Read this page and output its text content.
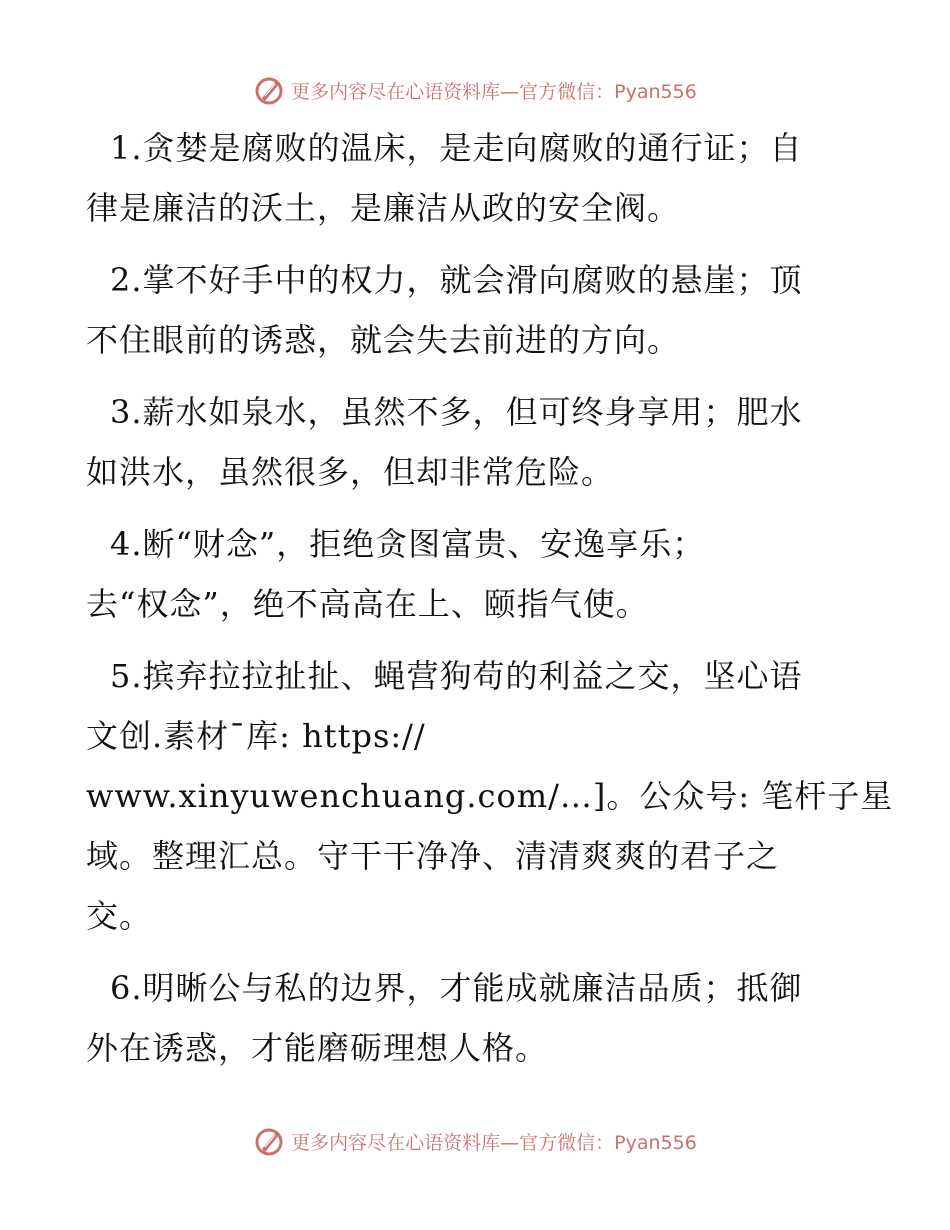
更多内容尽在心语资料库—官方微信：Pyan556

1.贪婪是腐败的温床，是走向腐败的通行证；自
律是廉洁的沃土，是廉洁从政的安全阀。

2.掌不好手中的权力，就会滑向腐败的悬崖；顶
不住眼前的诱惑，就会失去前进的方向。

3.薪水如泉水，虽然不多，但可终身享用；肥水
如洪水，虽然很多，但却非常危险。

4.断“财念”，拒绝贪图富贵、安逸享乐；
去“权念”，绝不高高在上、颐指气使。

5.摈弃拉拉扯扯、蝇营狗苟的利益之交，坚心语
文创.素材¯库: https://
www.xinyuwenchuang.com/…]。公众号: 笔杆子星
域。整理汇总。守干干净净、清清爽爽的君子之
交。

6.明晰公与私的边界，才能成就廉洁品质；抵御
外在诱惑，才能磨砺理想人格。

更多内容尽在心语资料库—官方微信：Pyan556
